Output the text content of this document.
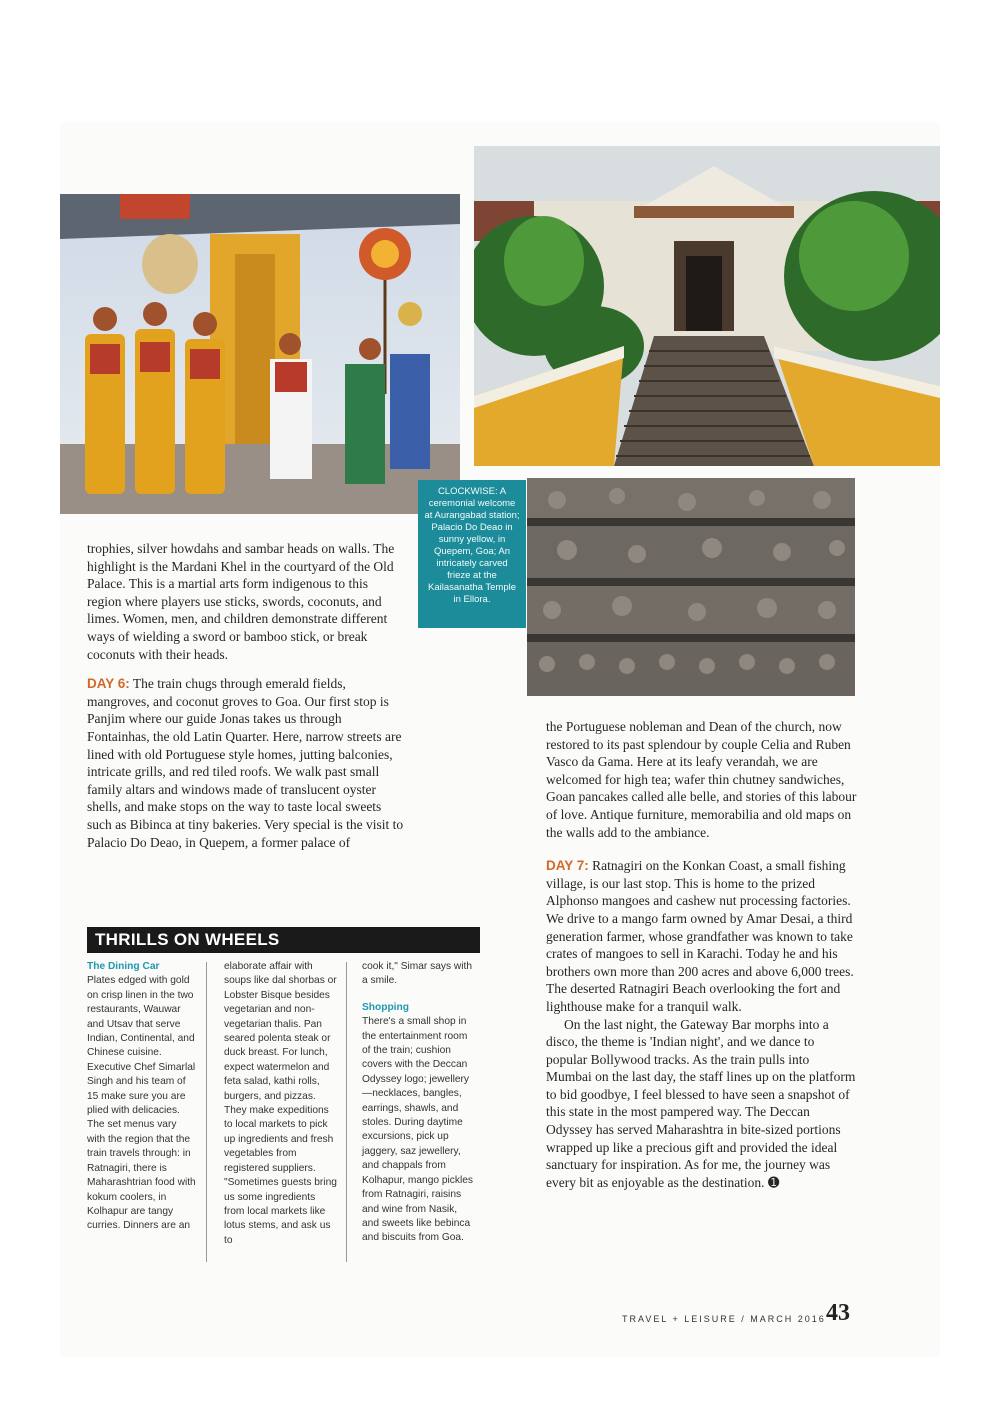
CLOCKWISE: A ceremonial welcome at Aurangabad station; Palacio Do Deao in sunny yellow, in Quepem, Goa; An intricately carved frieze at the Kailasanatha Temple in Ellora.

trophies, silver howdahs and sambar heads on walls. The highlight is the Mardani Khel in the courtyard of the Old Palace. This is a martial arts form indigenous to this region where players use sticks, swords, coconuts, and limes. Women, men, and children demonstrate different ways of wielding a sword or bamboo stick, or break coconuts with their heads.

DAY 6: The train chugs through emerald fields, mangroves, and coconut groves to Goa. Our first stop is Panjim where our guide Jonas takes us through Fontainhas, the old Latin Quarter. Here, narrow streets are lined with old Portuguese style homes, jutting balconies, intricate grills, and red tiled roofs. We walk past small family altars and windows made of translucent oyster shells, and make stops on the way to taste local sweets such as Bibinca at tiny bakeries. Very special is the visit to Palacio Do Deao, in Quepem, a former palace of

the Portuguese nobleman and Dean of the church, now restored to its past splendour by couple Celia and Ruben Vasco da Gama. Here at its leafy verandah, we are welcomed for high tea; wafer thin chutney sandwiches, Goan pancakes called alle belle, and stories of this labour of love. Antique furniture, memorabilia and old maps on the walls add to the ambiance.

DAY 7: Ratnagiri on the Konkan Coast, a small fishing village, is our last stop. This is home to the prized Alphonso mangoes and cashew nut processing factories. We drive to a mango farm owned by Amar Desai, a third generation farmer, whose grandfather was known to take crates of mangoes to sell in Karachi. Today he and his brothers own more than 200 acres and above 6,000 trees. The deserted Ratnagiri Beach overlooking the fort and lighthouse make for a tranquil walk.

On the last night, the Gateway Bar morphs into a disco, the theme is 'Indian night', and we dance to popular Bollywood tracks. As the train pulls into Mumbai on the last day, the staff lines up on the platform to bid goodbye, I feel blessed to have seen a snapshot of this state in the most pampered way. The Deccan Odyssey has served Maharashtra in bite-sized portions wrapped up like a precious gift and provided the ideal sanctuary for inspiration. As for me, the journey was every bit as enjoyable as the destination. ➊

THRILLS ON WHEELS
The Dining Car
Plates edged with gold on crisp linen in the two restaurants, Wauwar and Utsav that serve Indian, Continental, and Chinese cuisine. Executive Chef Simarlal Singh and his team of 15 make sure you are plied with delicacies. The set menus vary with the region that the train travels through: in Ratnagiri, there is Maharashtrian food with kokum coolers, in Kolhapur are tangy curries. Dinners are an
elaborate affair with soups like dal shorbas or Lobster Bisque besides vegetarian and non-vegetarian thalis. Pan seared polenta steak or duck breast. For lunch, expect watermelon and feta salad, kathi rolls, burgers, and pizzas. They make expeditions to local markets to pick up ingredients and fresh vegetables from registered suppliers. "Sometimes guests bring us some ingredients from local markets like lotus stems, and ask us to
cook it," Simar says with a smile.
Shopping
There's a small shop in the entertainment room of the train; cushion covers with the Deccan Odyssey logo; jewellery—necklaces, bangles, earrings, shawls, and stoles. During daytime excursions, pick up jaggery, saz jewellery, and chappals from Kolhapur, mango pickles from Ratnagiri, raisins and wine from Nasik, and sweets like bebinca and biscuits from Goa.
TRAVEL + LEISURE / MARCH 2016 43
